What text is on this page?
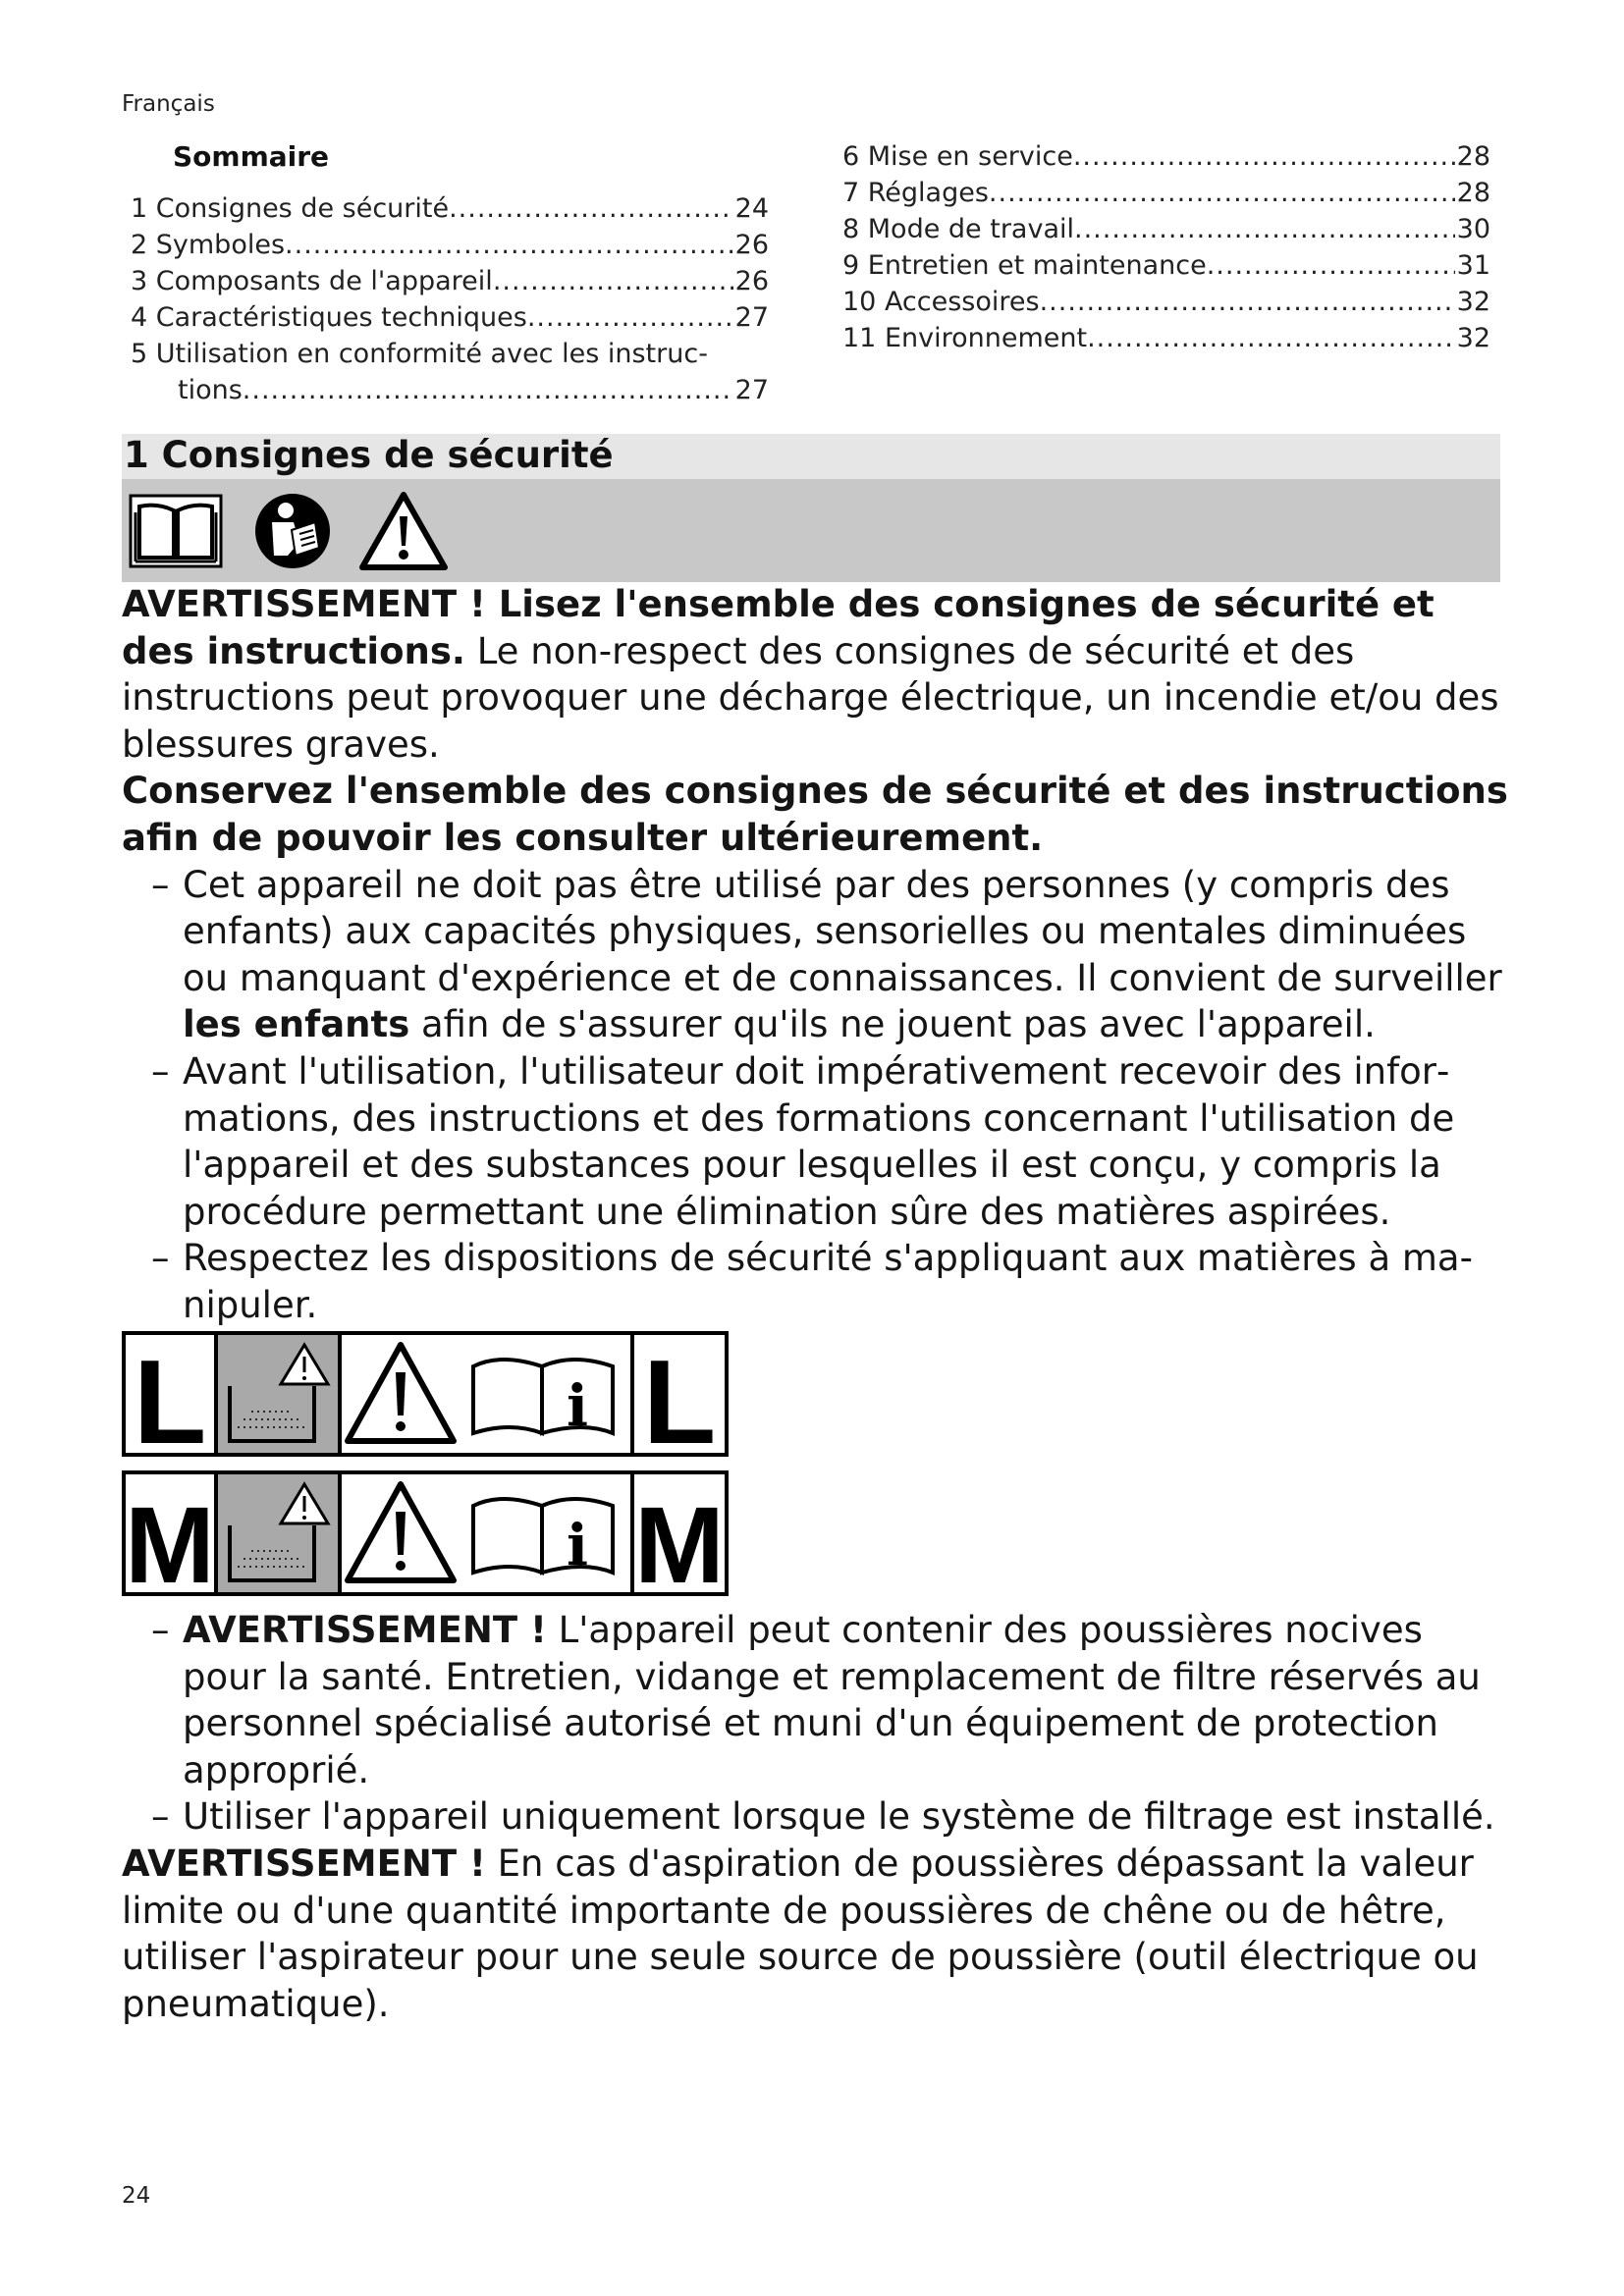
Français
Sommaire
1 Consignes de sécurité .....	24
2 Symboles .....	26
3 Composants de l'appareil .....	26
4 Caractéristiques techniques .....	27
5 Utilisation en conformité avec les instruc-
tions .....	27
6 Mise en service .....	28
7 Réglages .....	28
8 Mode de travail .....	30
9 Entretien et maintenance .....	31
10 Accessoires .....	32
11 Environnement .....	32
1 Consignes de sécurité

AVERTISSEMENT ! Lisez l'ensemble des consignes de sécurité et des instructions. Le non-respect des consignes de sécurité et des instructions peut provoquer une décharge électrique, un incendie et/ou des blessures graves.

Conservez l'ensemble des consignes de sécurité et des instructions afin de pouvoir les consulter ultérieurement.

– Cet appareil ne doit pas être utilisé par des personnes (y compris des enfants) aux capacités physiques, sensorielles ou mentales diminuées ou manquant d'expérience et de connaissances. Il convient de surveiller les enfants afin de s'assurer qu'ils ne jouent pas avec l'appareil.

– Avant l'utilisation, l'utilisateur doit impérativement recevoir des informations, des instructions et des formations concernant l'utilisation de l'appareil et des substances pour lesquelles il est conçu, y compris la procédure permettant une élimination sûre des matières aspirées.

– Respectez les dispositions de sécurité s'appliquant aux matières à manipuler.

L	i L
M	i M

– AVERTISSEMENT ! L'appareil peut contenir des poussières nocives pour la santé. Entretien, vidange et remplacement de filtre réservés au personnel spécialisé autorisé et muni d'un équipement de protection approprié.

– Utiliser l'appareil uniquement lorsque le système de filtrage est installé.

AVERTISSEMENT ! En cas d'aspiration de poussières dépassant la valeur limite ou d'une quantité importante de poussières de chêne ou de hêtre, utiliser l'aspirateur pour une seule source de poussière (outil électrique ou pneumatique).

24
